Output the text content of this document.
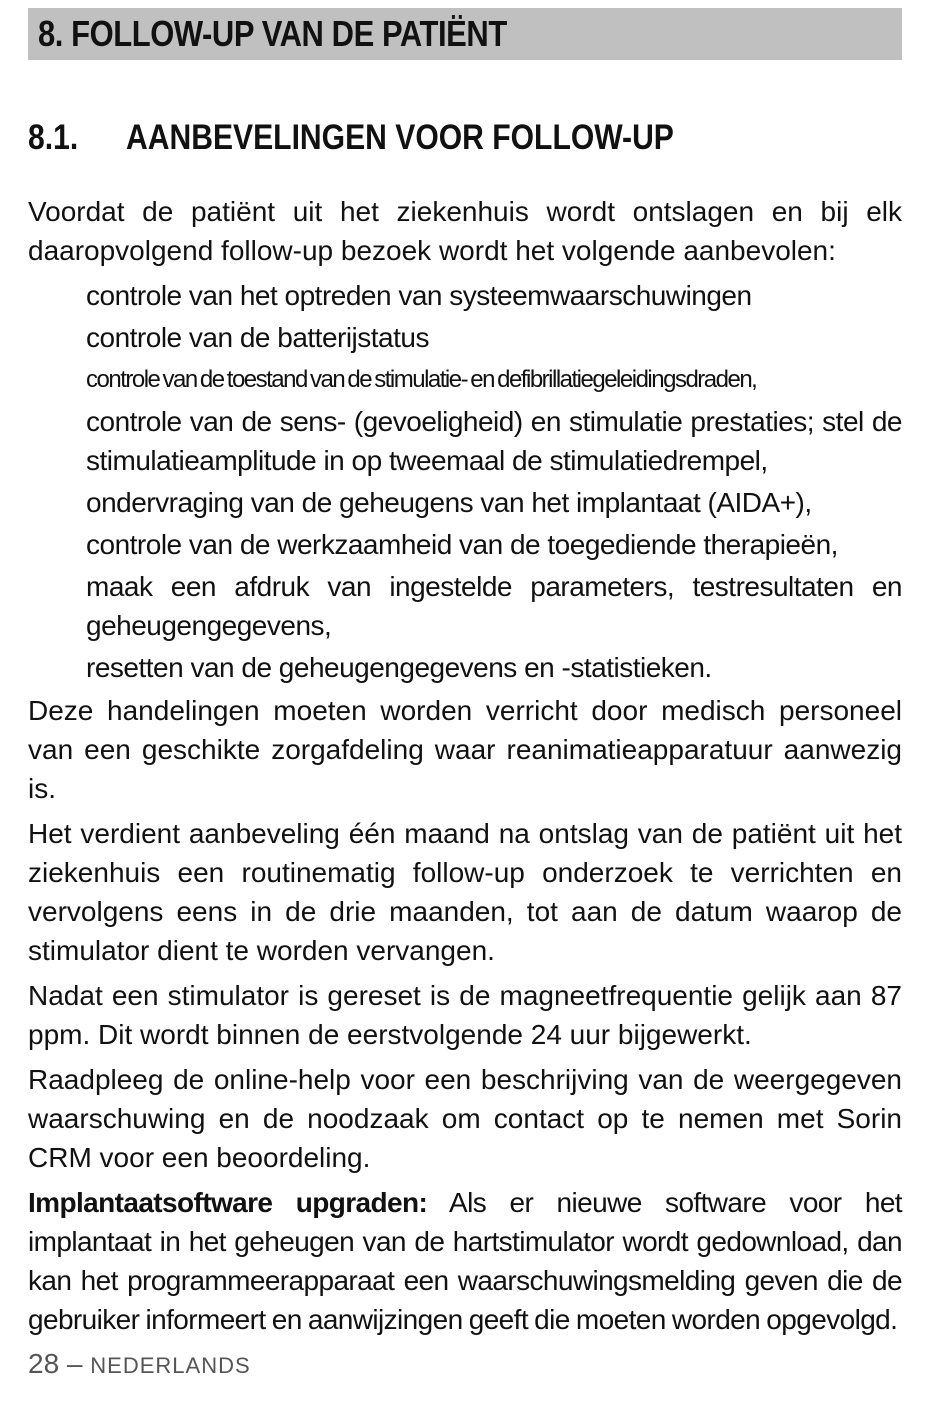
8. FOLLOW-UP VAN DE PATIËNT
8.1. AANBEVELINGEN VOOR FOLLOW-UP

Voordat de patiënt uit het ziekenhuis wordt ontslagen en bij elk daaropvolgend follow-up bezoek wordt het volgende aanbevolen:

controle van het optreden van systeemwaarschuwingen
controle van de batterijstatus
controle van de toestand van de stimulatie- en defibrillatiegeleidingsdraden,
controle van de sens- (gevoeligheid) en stimulatie prestaties; stel de stimulatieamplitude in op tweemaal de stimulatiedrempel,
ondervraging van de geheugens van het implantaat (AIDA+),
controle van de werkzaamheid van de toegediende therapieën,
maak een afdruk van ingestelde parameters, testresultaten en geheugengegevens,
resetten van de geheugengegevens en -statistieken.

Deze handelingen moeten worden verricht door medisch personeel van een geschikte zorgafdeling waar reanimatieapparatuur aanwezig is.

Het verdient aanbeveling één maand na ontslag van de patiënt uit het ziekenhuis een routinematig follow-up onderzoek te verrichten en vervolgens eens in de drie maanden, tot aan de datum waarop de stimulator dient te worden vervangen.

Nadat een stimulator is gereset is de magneetfrequentie gelijk aan 87 ppm. Dit wordt binnen de eerstvolgende 24 uur bijgewerkt.

Raadpleeg de online-help voor een beschrijving van de weergegeven waarschuwing en de noodzaak om contact op te nemen met Sorin CRM voor een beoordeling.

Implantaatsoftware upgraden: Als er nieuwe software voor het implantaat in het geheugen van de hartstimulator wordt gedownload, dan kan het programmeerapparaat een waarschuwingsmelding geven die de gebruiker informeert en aanwijzingen geeft die moeten worden opgevolgd.

28 – NEDERLANDS
